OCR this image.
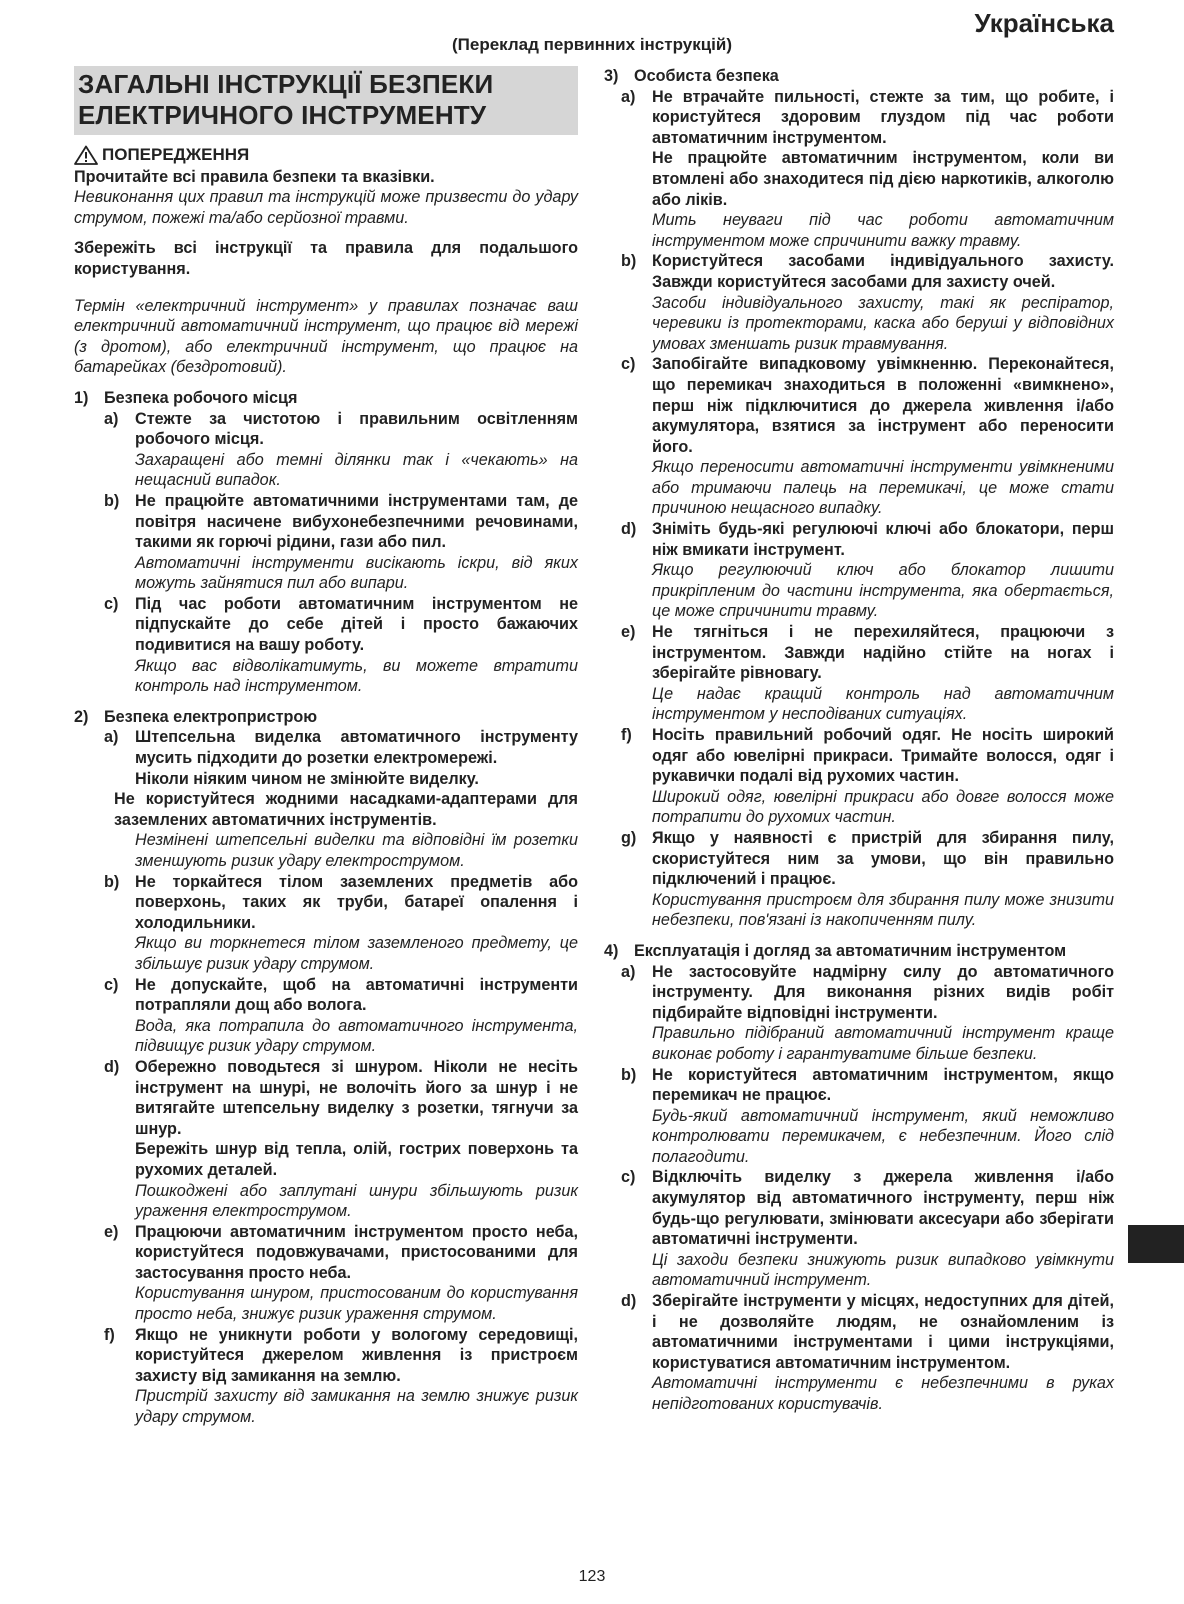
Українська
(Переклад первинних інструкцій)
ЗАГАЛЬНІ ІНСТРУКЦІЇ БЕЗПЕКИ
ЕЛЕКТРИЧНОГО ІНСТРУМЕНТУ
ПОПЕРЕДЖЕННЯ
Прочитайте всі правила безпеки та вказівки.
Невиконання цих правил та інструкцій може призвести до удару струмом, пожежі та/або серйозної травми.
Збережіть всі інструкції та правила для подальшого користування.
Термін «електричний інструмент» у правилах позначає ваш електричний автоматичний інструмент, що працює від мережі (з дротом), або електричний інструмент, що працює на батарейках (бездротовий).
1) Безпека робочого місця
a)	Стежте за чистотою і правильним освітленням робочого місця.
Захаращені або темні ділянки так і «чекають» на нещасний випадок.
b) Не працюйте автоматичними інструментами там, де повітря насичене вибухонебезпечними речовинами, такими як горючі рідини, гази або пил.
Автоматичні інструменти висікають іскри, від яких можуть зайнятися пил або випари.
c)	Під час роботи автоматичним інструментом не підпускайте до себе дітей і просто бажаючих подивитися на вашу роботу.
Якщо вас відволікатимуть, ви можете втратити контроль над інструментом.
2) Безпека електропристрою
a)	Штепсельна виделка автоматичного інструменту мусить підходити до розетки електромережі.
Ніколи ніяким чином не змінюйте виделку.
Не користуйтеся жодними насадками-адаптерами для заземлених автоматичних інструментів.
Незмінені штепсельні виделки та відповідні їм розетки зменшують ризик удару електрострумом.
b) Не торкайтеся тілом заземлених предметів або поверхонь, таких як труби, батареї опалення і холодильники.
Якщо ви торкнетеся тілом заземленого предмету, це збільшує ризик удару струмом.
c)	Не допускайте, щоб на автоматичні інструменти потрапляли дощ або волога.
Вода, яка потрапила до автоматичного інструмента, підвищує ризик удару струмом.
d) Обережно поводьтеся зі шнуром. Ніколи не несіть інструмент на шнурі, не волочіть його за шнур і не витягайте штепсельну виделку з розетки, тягнучи за шнур.
Бережіть шнур від тепла, олій, гострих поверхонь та рухомих деталей.
Пошкоджені або заплутані шнури збільшують ризик ураження електрострумом.
e)	Працюючи автоматичним інструментом просто неба, користуйтеся подовжувачами, пристосованими для застосування просто неба.
Користування шнуром, пристосованим до користування просто неба, знижує ризик ураження струмом.
f)	Якщо не уникнути роботи у вологому середовищі, користуйтеся джерелом живлення із пристроєм захисту від замикання на землю.
Пристрій захисту від замикання на землю знижує ризик удару струмом.
3) Особиста безпека
a)	Не втрачайте пильності, стежте за тим, що робите, і користуйтеся здоровим глуздом під час роботи автоматичним інструментом.
Не працюйте автоматичним інструментом, коли ви втомлені або знаходитеся під дією наркотиків, алкоголю або ліків.
Мить неуваги під час роботи автоматичним інструментом може спричинити важку травму.
b) Користуйтеся засобами індивідуального захисту. Завжди користуйтеся засобами для захисту очей.
Засоби індивідуального захисту, такі як респіратор, черевики із протекторами, каска або беруші у відповідних умовах зменшать ризик травмування.
c)	Запобігайте випадковому увімкненню. Переконайтеся, що перемикач знаходиться в положенні «вимкнено», перш ніж підключитися до джерела живлення і/або акумулятора, взятися за інструмент або переносити його.
Якщо переносити автоматичні інструменти увімкненими або тримаючи палець на перемикачі, це може стати причиною нещасного випадку.
d) Зніміть будь-які регулюючі ключі або блокатори, перш ніж вмикати інструмент.
Якщо регулюючий ключ або блокатор лишити прикріпленим до частини інструмента, яка обертається, це може спричинити травму.
e)	Не тягніться і не перехиляйтеся, працюючи з інструментом. Завжди надійно стійте на ногах і зберігайте рівновагу.
Це надає кращий контроль над автоматичним інструментом у несподіваних ситуаціях.
f)	Носіть правильний робочий одяг. Не носіть широкий одяг або ювелірні прикраси. Тримайте волосся, одяг і рукавички подалі від рухомих частин.
Широкий одяг, ювелірні прикраси або довге волосся може потрапити до рухомих частин.
g) Якщо у наявності є пристрій для збирання пилу, скористуйтеся ним за умови, що він правильно підключений і працює.
Користування пристроєм для збирання пилу може знизити небезпеки, пов'язані із накопиченням пилу.
4) Експлуатація і догляд за автоматичним інструментом
a)	Не застосовуйте надмірну силу до автоматичного інструменту. Для виконання різних видів робіт підбирайте відповідні інструменти.
Правильно підібраний автоматичний інструмент краще виконає роботу і гарантуватиме більше безпеки.
b) Не користуйтеся автоматичним інструментом, якщо перемикач не працює.
Будь-який автоматичний інструмент, який неможливо контролювати перемикачем, є небезпечним. Його слід полагодити.
c)	Відключіть виделку з джерела живлення і/або акумулятор від автоматичного інструменту, перш ніж будь-що регулювати, змінювати аксесуари або зберігати автоматичні інструменти.
Ці заходи безпеки знижують ризик випадково увімкнути автоматичний інструмент.
d) Зберігайте інструменти у місцях, недоступних для дітей, і не дозволяйте людям, не ознайомленим із автоматичними інструментами і цими інструкціями, користуватися автоматичним інструментом.
Автоматичні інструменти є небезпечними в руках непідготованих користувачів.
123
